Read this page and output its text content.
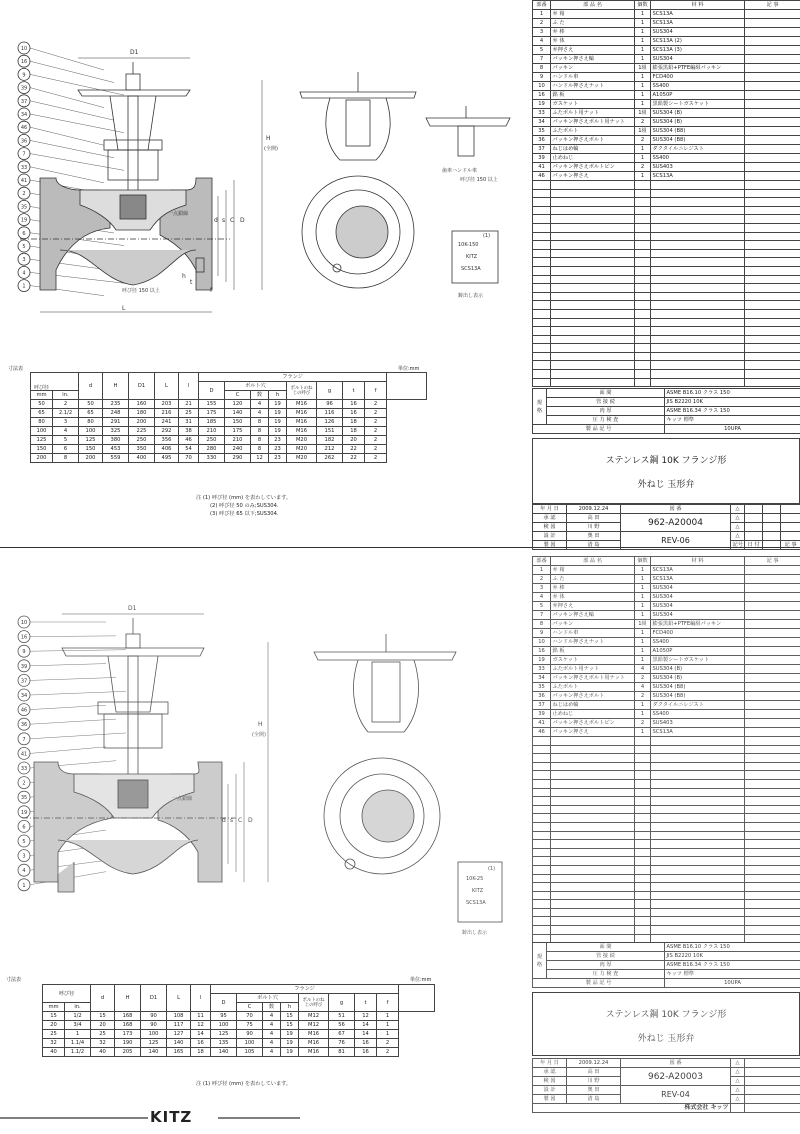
10
16
9
39
37
34
46
36
7
33
41
2
35
19
6
5
3
4
1
D1
L
H
(全開)
d s C D
h
t
f
一点鎖線
呼び径 150 以上
歯車ハンドル車
呼び径 150 以上
(1)
10K-150
KITZ
SCS13A
鋳出し表示
寸法表	単位:mm
		d	H	D1	L	l	フランジ								
							D	ボルト穴			ボルトのねじの呼び	g	t	f	
mm	in.							C	数	h					
50	2	50	235	160	203	21	155	120	4	19	M16	96	16	2	
65	2.1/2	65	248	180	216	25	175	140	4	19	M16	116	16	2	
80	3	80	291	200	241	31	185	150	8	19	M16	126	18	2	
100	4	100	325	225	292	38	210	175	8	19	M16	151	18	2	
125	5	125	380	250	356	46	250	210	8	23	M20	182	20	2	
150	6	150	453	350	406	54	280	240	8	23	M20	212	22	2	
200	8	200	559	400	495	70	330	290	12	23	M20	262	22	2	
呼び径
注 (1) 呼び径 (mm) を表わしています。
(2) 呼び径 50 のみ;SUS304.
(3) 呼び径 65 以下;SUS304.
部番	部 品 名	個数	材 料	記 事
1	弁 箱	1	SCS13A	
2	ふ た	1	SCS13A	
3	弁 棒	1	SUS304	
4	弁 体	1	SCS13A (2)	
5	弁押さえ	1	SCS13A (3)	
7	パッキン押さえ輪	1	SUS304	
8	パッキン	1組	膨張黒鉛+PTFE編組パッキン	
9	ハンドル車	1	FCD400	
10	ハンドル押さえナット	1	SS400	
16	銘 板	1	A1050P	
19	ガスケット	1	黒鉛製シートガスケット	
33	ふたボルト用ナット	1組	SUS304 (B)	
34	パッキン押さえボルト用ナット	2	SUS304 (B)	
35	ふたボルト	1組	SUS304 (B8)	
36	パッキン押さえボルト	2	SUS304 (B8)	
37	ねじはめ輪	1	ダクタイルニレジスト	
39	止めねじ	1	SS400	
41	パッキン押さえボルトピン	2	SUS403	
46	パッキン押さえ	1	SCS13A	

規格	面 間	ASME B16.10 クラス 150
	管 接 続	JIS B2220 10K
	肉 厚	ASME B16.34 クラス 150
	圧 力 検 査	キッツ 標準
製 品 記 号		10UPA
ステンレス鋼 10K フランジ形
外ねじ 玉形弁
年 月 日	2009.12.24	図 番	△			
承 認	高 田	962-A20004	△			
検 図	川 野		△			
設 計	奥 田	REV-06	△			
製 図	清 島		記号	日 付		記 事
10
16
9
39
37
34
46
36
7
41
33
2
35
19
6
5
3
4
1
D1
H
(全開)
一点鎖線
d s C D
(1)
10K-25
KITZ
SCS13A
鋳出し表示
寸法表	単位:mm
呼び径		d	H	D1	L	l	フランジ								
							D	ボルト穴			ボルトのねじの呼び	g	t	f	
mm	in.							C	数	h					
15	1/2	15	168	90	108	11	95	70	4	15	M12	51	12	1	
20	3/4	20	168	90	117	12	100	75	4	15	M12	56	14	1	
25	1	25	173	100	127	14	125	90	4	19	M16	67	14	1	
32	1.1/4	32	190	125	140	16	135	100	4	19	M16	76	16	2	
40	1.1/2	40	205	140	165	18	140	105	4	19	M16	81	16	2	
注 (1) 呼び径 (mm) を表わしています。
KITZ
部番	部 品 名	個数	材 料	記 事
1	弁 箱	1	SCS13A	
2	ふ た	1	SCS13A	
3	弁 棒	1	SUS304	
4	弁 体	1	SUS304	
5	弁押さえ	1	SUS304	
7	パッキン押さえ輪	1	SUS304	
8	パッキン	1組	膨張黒鉛+PTFE編組パッキン	
9	ハンドル車	1	FCD400	
10	ハンドル押さえナット	1	SS400	
16	銘 板	1	A1050P	
19	ガスケット	1	黒鉛製シートガスケット	
33	ふたボルト用ナット	4	SUS304 (B)	
34	パッキン押さえボルト用ナット	2	SUS304 (B)	
35	ふたボルト	4	SUS304 (B8)	
36	パッキン押さえボルト	2	SUS304 (B8)	
37	ねじはめ輪	1	ダクタイルニレジスト	
39	止めねじ	1	SS400	
41	パッキン押さえボルトピン	2	SUS403	
46	パッキン押さえ	1	SCS13A	

規格	面 間	ASME B16.10 クラス 150
	管 接 続	JIS B2220 10K
	肉 厚	ASME B16.34 クラス 150
	圧 力 検 査	キッツ 標準
製 品 記 号		10UPA
ステンレス鋼 10K フランジ形
外ねじ 玉形弁
年 月 日	2009.12.24	図 番	△	
承 認	高 田	962-A20003	△	
検 図	川 野		△	
設 計	奥 田	REV-04	△	
製 図	清 島		△	
株式会社 キッツ				
